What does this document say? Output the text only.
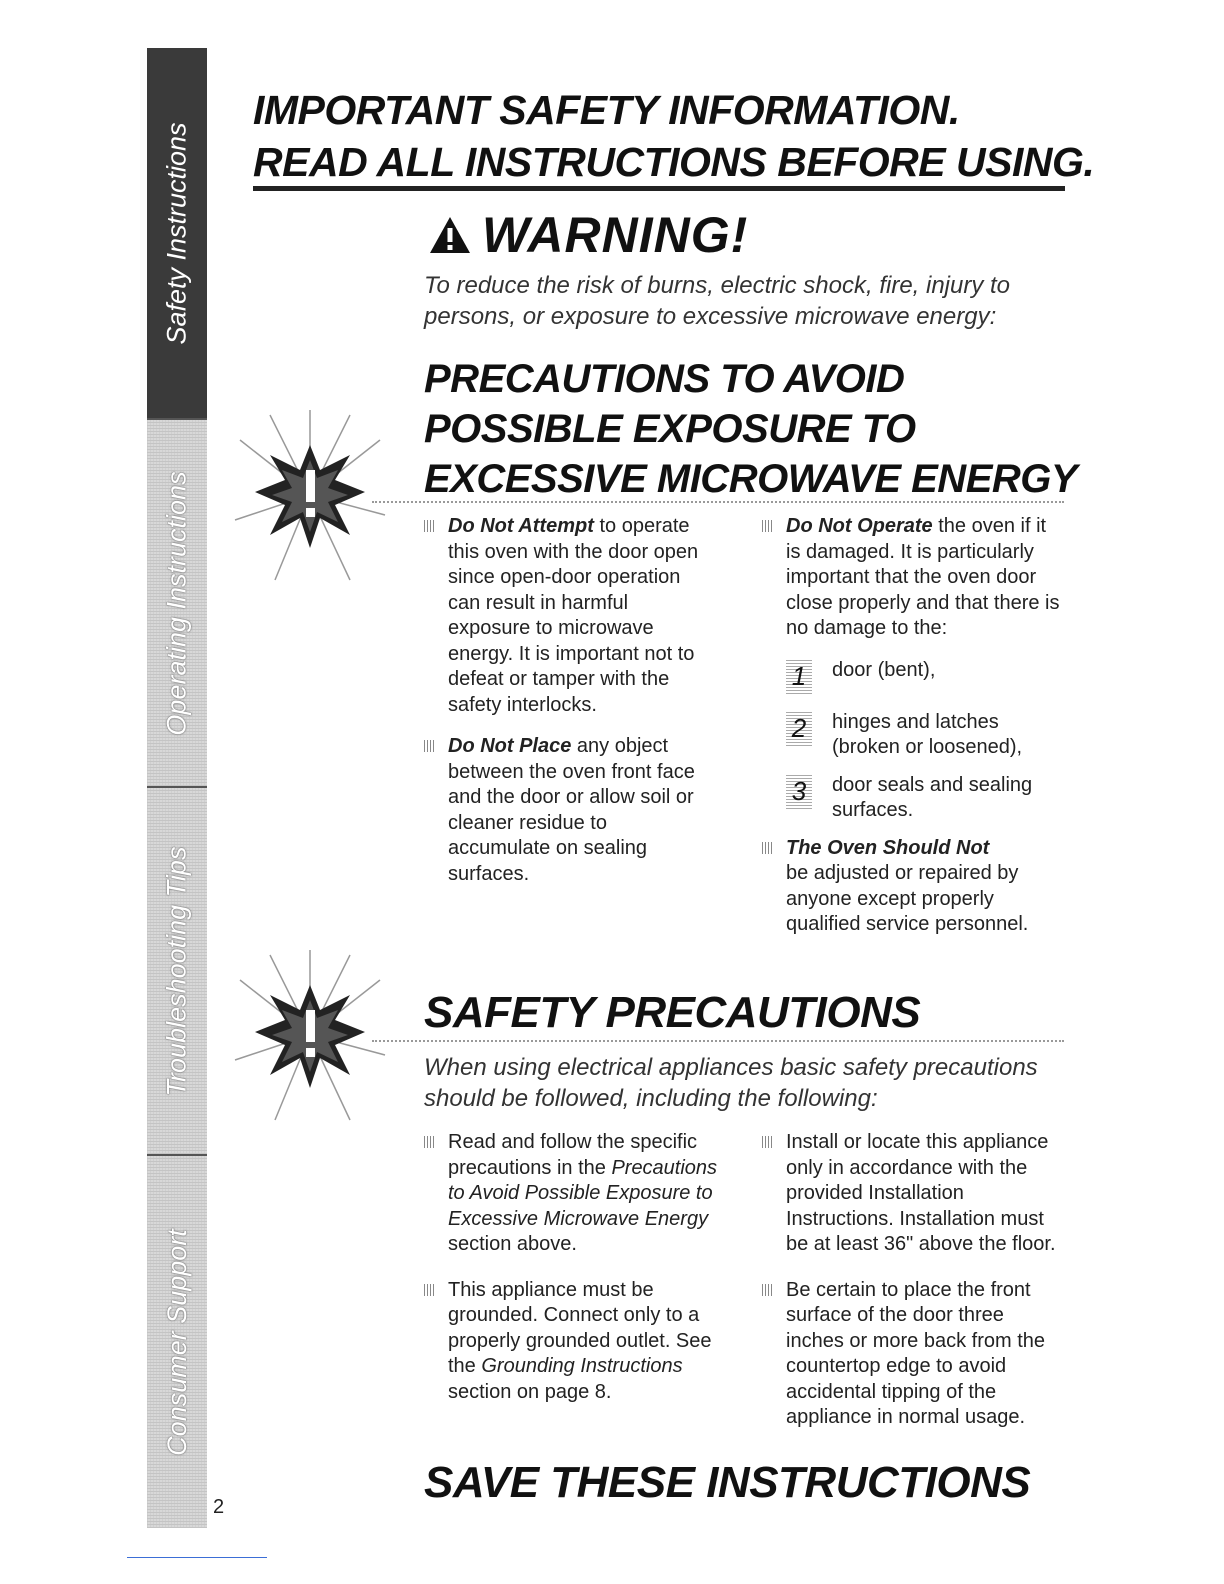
Safety Instructions
Operating Instructions
Troubleshooting Tips
Consumer Support
2
IMPORTANT SAFETY INFORMATION.
READ ALL INSTRUCTIONS BEFORE USING.
WARNING!
To reduce the risk of burns, electric shock, fire, injury to persons, or exposure to excessive microwave energy:
PRECAUTIONS TO AVOID
POSSIBLE EXPOSURE TO
EXCESSIVE MICROWAVE ENERGY
Do Not Attempt to operate this oven with the door open since open-door operation can result in harmful exposure to microwave energy. It is important not to defeat or tamper with the safety interlocks.
Do Not Place any object between the oven front face and the door or allow soil or cleaner residue to accumulate on sealing surfaces.
Do Not Operate the oven if it is damaged. It is particularly important that the oven door close properly and that there is no damage to the:
1 door (bent),
2 hinges and latches (broken or loosened),
3 door seals and sealing surfaces.
The Oven Should Not
be adjusted or repaired by anyone except properly qualified service personnel.
SAFETY PRECAUTIONS
When using electrical appliances basic safety precautions should be followed, including the following:
Read and follow the specific precautions in the Precautions to Avoid Possible Exposure to Excessive Microwave Energy section above.
This appliance must be grounded. Connect only to a properly grounded outlet. See the Grounding Instructions section on page 8.
Install or locate this appliance only in accordance with the provided Installation Instructions. Installation must be at least 36" above the floor.
Be certain to place the front surface of the door three inches or more back from the countertop edge to avoid accidental tipping of the appliance in normal usage.
SAVE THESE INSTRUCTIONS
